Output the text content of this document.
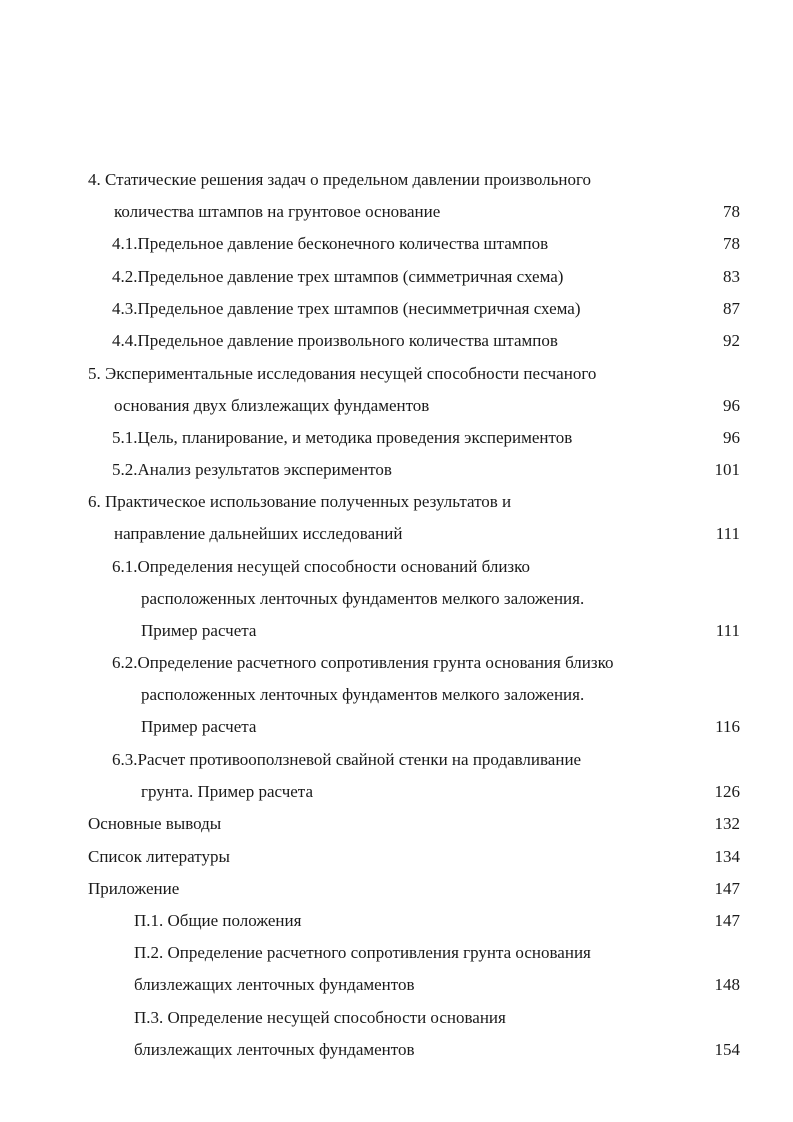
4. Статические решения задач о предельном давлении произвольного
количества штампов на грунтовое основание	78
4.1.Предельное давление бесконечного количества штампов	78
4.2.Предельное давление трех штампов (симметричная схема)	83
4.3.Предельное давление трех штампов (несимметричная схема)	87
4.4.Предельное давление произвольного количества штампов	92
5. Экспериментальные исследования несущей способности песчаного
основания двух близлежащих фундаментов	96
5.1.Цель, планирование, и методика проведения экспериментов	96
5.2.Анализ результатов экспериментов	101
6. Практическое использование полученных результатов и
направление дальнейших исследований	111
6.1.Определения несущей способности оснований близко
расположенных ленточных фундаментов мелкого заложения.
Пример расчета	111
6.2.Определение расчетного сопротивления грунта основания близко
расположенных ленточных фундаментов мелкого заложения.
Пример расчета	116
6.3.Расчет противооползневой свайной стенки на продавливание
грунта. Пример расчета	126
Основные выводы	132
Список литературы	134
Приложение	147
П.1. Общие положения	147
П.2. Определение расчетного сопротивления грунта основания
близлежащих ленточных фундаментов	148
П.3. Определение несущей способности основания
близлежащих ленточных фундаментов	154
